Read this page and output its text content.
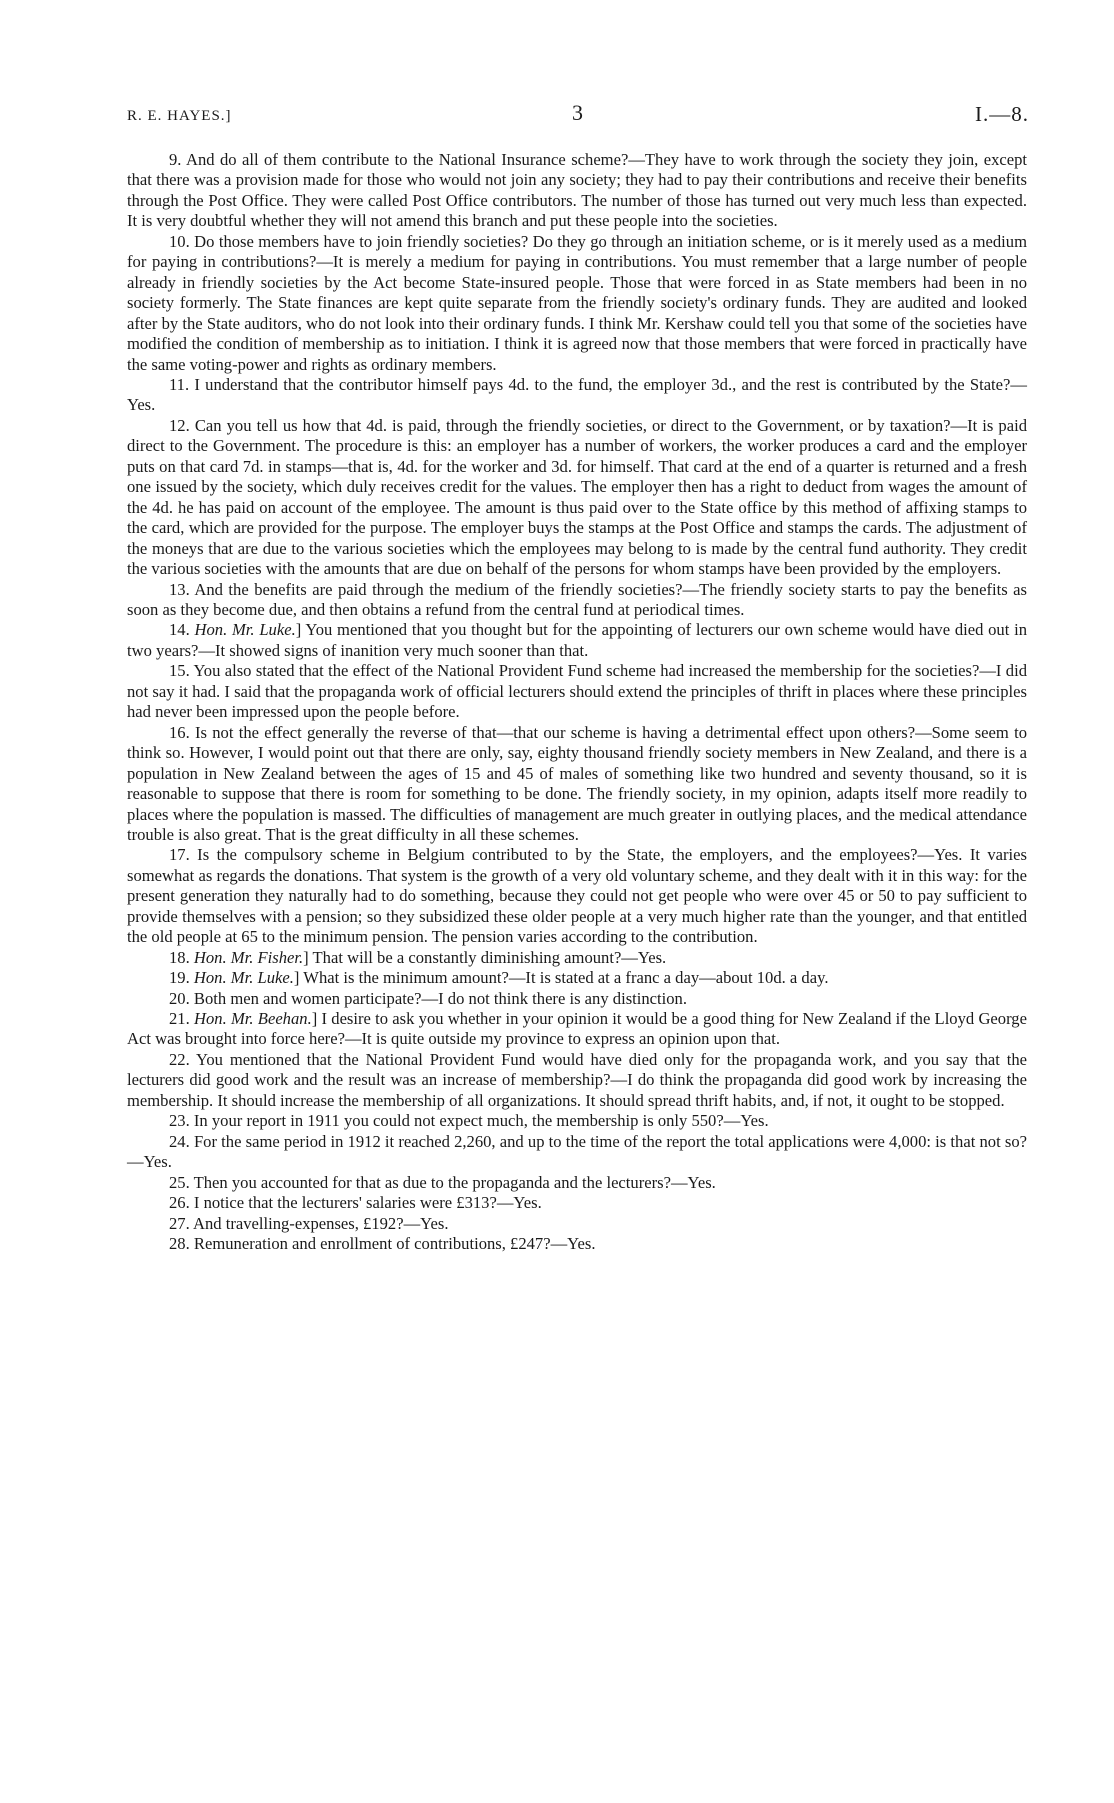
R. E. HAYES.]	3	I.—8.

9. And do all of them contribute to the National Insurance scheme?—They have to work through the society they join, except that there was a provision made for those who would not join any society; they had to pay their contributions and receive their benefits through the Post Office. They were called Post Office contributors. The number of those has turned out very much less than expected. It is very doubtful whether they will not amend this branch and put these people into the societies.

10. Do those members have to join friendly societies? Do they go through an initiation scheme, or is it merely used as a medium for paying in contributions?—It is merely a medium for paying in contributions. You must remember that a large number of people already in friendly societies by the Act become State-insured people. Those that were forced in as State members had been in no society formerly. The State finances are kept quite separate from the friendly society's ordinary funds. They are audited and looked after by the State auditors, who do not look into their ordinary funds. I think Mr. Kershaw could tell you that some of the societies have modified the condition of membership as to initiation. I think it is agreed now that those members that were forced in practically have the same voting-power and rights as ordinary members.

11. I understand that the contributor himself pays 4d. to the fund, the employer 3d., and the rest is contributed by the State?—Yes.

12. Can you tell us how that 4d. is paid, through the friendly societies, or direct to the Government, or by taxation?—It is paid direct to the Government. The procedure is this: an employer has a number of workers, the worker produces a card and the employer puts on that card 7d. in stamps—that is, 4d. for the worker and 3d. for himself. That card at the end of a quarter is returned and a fresh one issued by the society, which duly receives credit for the values. The employer then has a right to deduct from wages the amount of the 4d. he has paid on account of the employee. The amount is thus paid over to the State office by this method of affixing stamps to the card, which are provided for the purpose. The employer buys the stamps at the Post Office and stamps the cards. The adjustment of the moneys that are due to the various societies which the employees may belong to is made by the central fund authority. They credit the various societies with the amounts that are due on behalf of the persons for whom stamps have been provided by the employers.

13. And the benefits are paid through the medium of the friendly societies?—The friendly society starts to pay the benefits as soon as they become due, and then obtains a refund from the central fund at periodical times.

14. Hon. Mr. Luke.] You mentioned that you thought but for the appointing of lecturers our own scheme would have died out in two years?—It showed signs of inanition very much sooner than that.

15. You also stated that the effect of the National Provident Fund scheme had increased the membership for the societies?—I did not say it had. I said that the propaganda work of official lecturers should extend the principles of thrift in places where these principles had never been impressed upon the people before.

16. Is not the effect generally the reverse of that—that our scheme is having a detrimental effect upon others?—Some seem to think so. However, I would point out that there are only, say, eighty thousand friendly society members in New Zealand, and there is a population in New Zealand between the ages of 15 and 45 of males of something like two hundred and seventy thousand, so it is reasonable to suppose that there is room for something to be done. The friendly society, in my opinion, adapts itself more readily to places where the population is massed. The difficulties of management are much greater in outlying places, and the medical attendance trouble is also great. That is the great difficulty in all these schemes.

17. Is the compulsory scheme in Belgium contributed to by the State, the employers, and the employees?—Yes. It varies somewhat as regards the donations. That system is the growth of a very old voluntary scheme, and they dealt with it in this way: for the present generation they naturally had to do something, because they could not get people who were over 45 or 50 to pay sufficient to provide themselves with a pension; so they subsidized these older people at a very much higher rate than the younger, and that entitled the old people at 65 to the minimum pension. The pension varies according to the contribution.

18. Hon. Mr. Fisher.] That will be a constantly diminishing amount?—Yes.

19. Hon. Mr. Luke.] What is the minimum amount?—It is stated at a franc a day—about 10d. a day.

20. Both men and women participate?—I do not think there is any distinction.

21. Hon. Mr. Beehan.] I desire to ask you whether in your opinion it would be a good thing for New Zealand if the Lloyd George Act was brought into force here?—It is quite outside my province to express an opinion upon that.

22. You mentioned that the National Provident Fund would have died only for the propaganda work, and you say that the lecturers did good work and the result was an increase of membership?—I do think the propaganda did good work by increasing the membership. It should increase the membership of all organizations. It should spread thrift habits, and, if not, it ought to be stopped.

23. In your report in 1911 you could not expect much, the membership is only 550?—Yes.

24. For the same period in 1912 it reached 2,260, and up to the time of the report the total applications were 4,000: is that not so?—Yes.

25. Then you accounted for that as due to the propaganda and the lecturers?—Yes.

26. I notice that the lecturers' salaries were £313?—Yes.

27. And travelling-expenses, £192?—Yes.

28. Remuneration and enrollment of contributions, £247?—Yes.
